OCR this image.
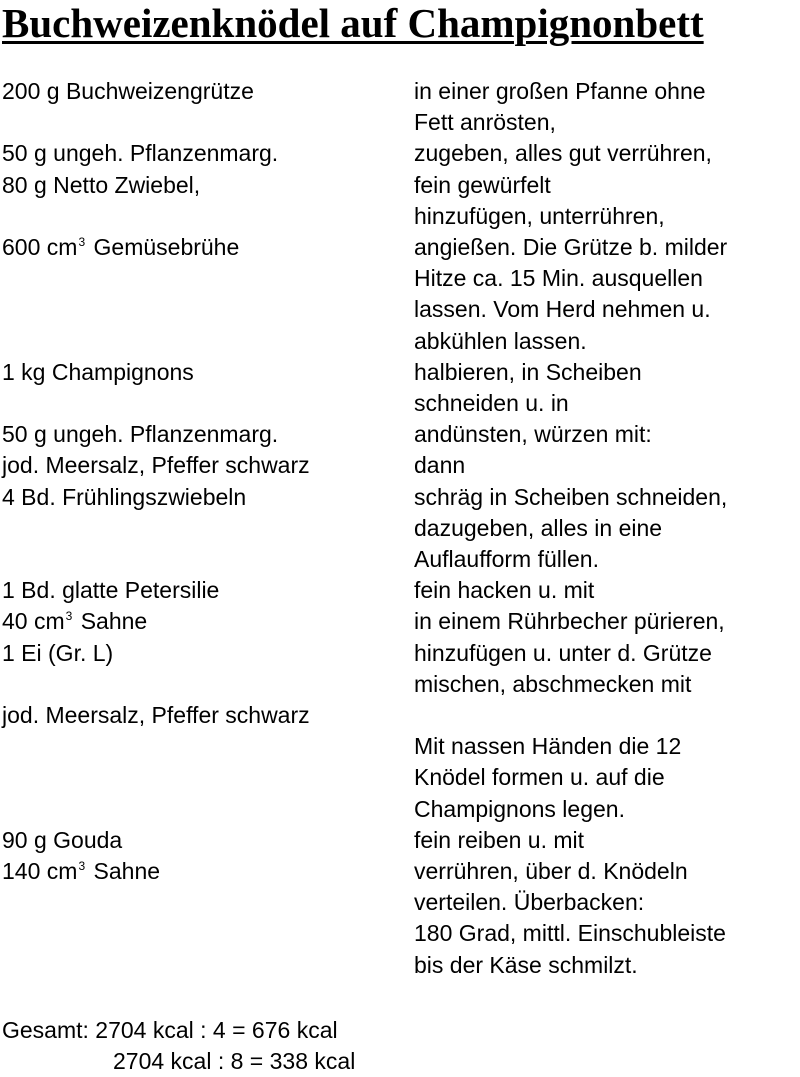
Buchweizenknödel auf Champignonbett
200 g Buchweizengrütze	in einer großen Pfanne ohne
Fett anrösten,
50 g ungeh. Pflanzenmarg.	zugeben, alles gut verrühren,
80 g Netto Zwiebel,	fein gewürfelt
hinzufügen, unterrühren,
600 $cm^3$ Gemüsebrühe	angießen. Die Grütze b. milder
Hitze ca. 15 Min. ausquellen
lassen. Vom Herd nehmen u.
abkühlen lassen.
1 kg Champignons	halbieren, in Scheiben
schneiden u. in
50 g ungeh. Pflanzenmarg.	andünsten, würzen mit:
jod. Meersalz, Pfeffer schwarz	dann
4 Bd. Frühlingszwiebeln	schräg in Scheiben schneiden,
dazugeben, alles in eine
Auflaufform füllen.
1 Bd. glatte Petersilie	fein hacken u. mit
40 $cm^3$ Sahne	in einem Rührbecher pürieren,
1 Ei (Gr. L)	hinzufügen u. unter d. Grütze
mischen, abschmecken mit
jod. Meersalz, Pfeffer schwarz
Mit nassen Händen die 12
Knödel formen u. auf die
Champignons legen.
90 g Gouda	fein reiben u. mit
140 $cm^3$ Sahne	verrühren, über d. Knödeln
verteilen. Überbacken:
180 Grad, mittl. Einschubleiste
bis der Käse schmilzt.
Gesamt: 2704 kcal : 4 = 676 kcal
2704 kcal : 8 = 338 kcal
